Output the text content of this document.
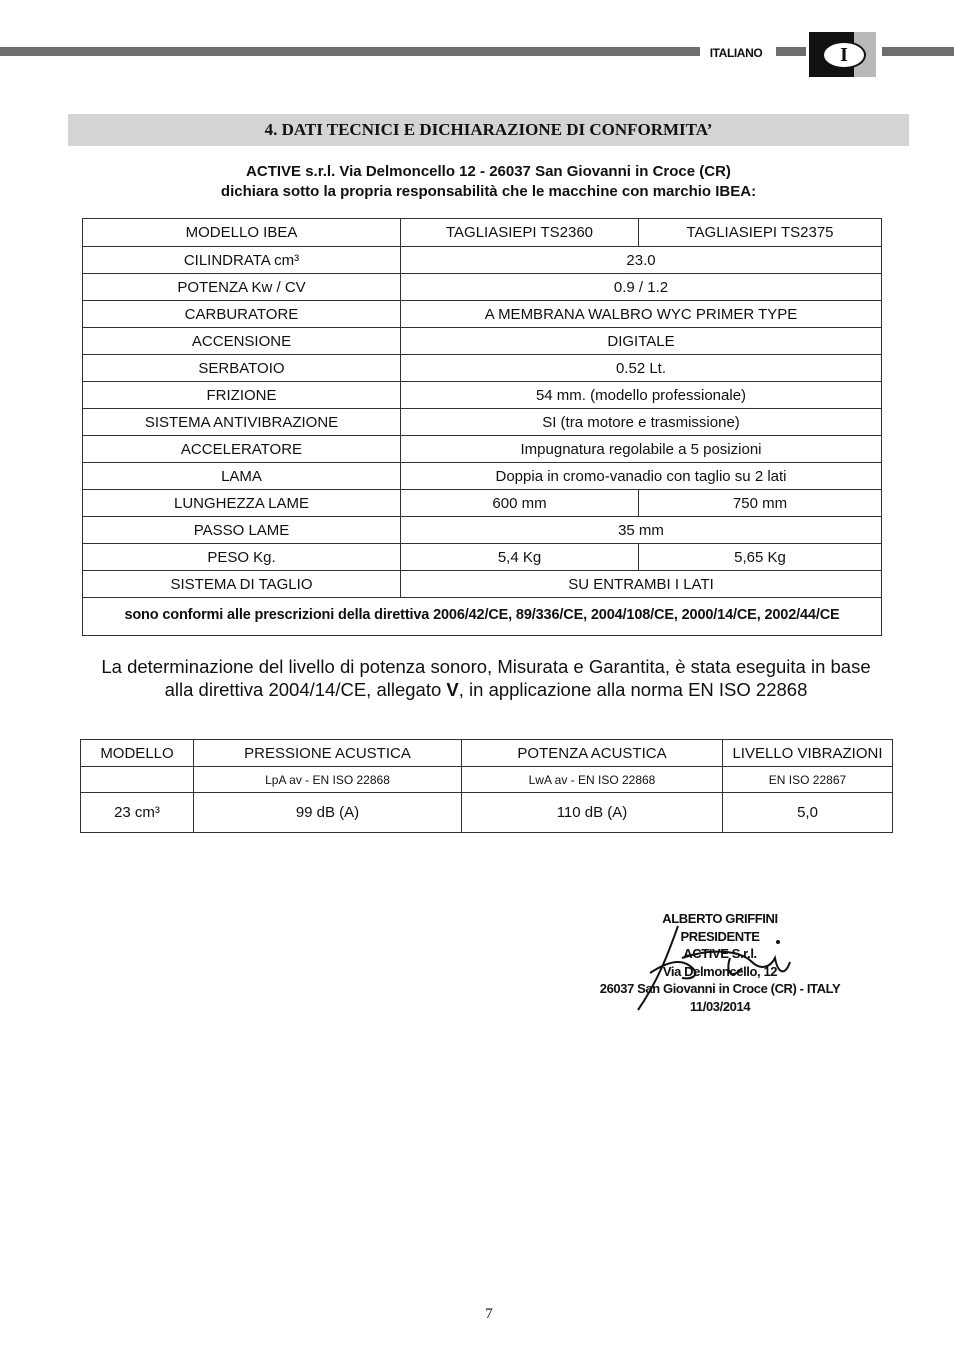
ITALIANO	I
4. DATI TECNICI E DICHIARAZIONE DI CONFORMITA’
ACTIVE s.r.l. Via Delmoncello 12 - 26037 San Giovanni in Croce (CR)
dichiara sotto la propria responsabilità che le macchine con marchio IBEA:
MODELLO IBEA	TAGLIASIEPI TS2360	TAGLIASIEPI TS2375
CILINDRATA cm³	23.0	
POTENZA Kw / CV	0.9 / 1.2	
CARBURATORE	A MEMBRANA WALBRO WYC PRIMER TYPE	
ACCENSIONE	DIGITALE	
SERBATOIO	0.52 Lt.	
FRIZIONE	54 mm. (modello professionale)	
SISTEMA ANTIVIBRAZIONE	SI (tra motore e trasmissione)	
ACCELERATORE	Impugnatura regolabile a 5 posizioni	
LAMA	Doppia in cromo-vanadio con taglio su 2 lati	
LUNGHEZZA LAME	600 mm	750 mm
PASSO LAME	35 mm	
PESO Kg.	5,4 Kg	5,65 Kg
SISTEMA DI TAGLIO	SU ENTRAMBI I LATI	
sono conformi alle prescrizioni della direttiva 2006/42/CE, 89/336/CE, 2004/108/CE, 2000/14/CE, 2002/44/CE		
La determinazione del livello di potenza sonoro, Misurata e Garantita, è stata eseguita in base
alla direttiva 2004/14/CE, allegato V, in applicazione alla norma EN ISO 22868
MODELLO	PRESSIONE ACUSTICA	POTENZA ACUSTICA	LIVELLO VIBRAZIONI
	LpA av - EN ISO 22868	LwA av - EN ISO 22868	EN ISO 22867
23 cm³	99 dB (A)	110 dB (A)	5,0
ALBERTO GRIFFINI
PRESIDENTE
ACTIVE S.r.l.
Via Delmoncello, 12
26037 San Giovanni in Croce (CR) - ITALY
11/03/2014
7
